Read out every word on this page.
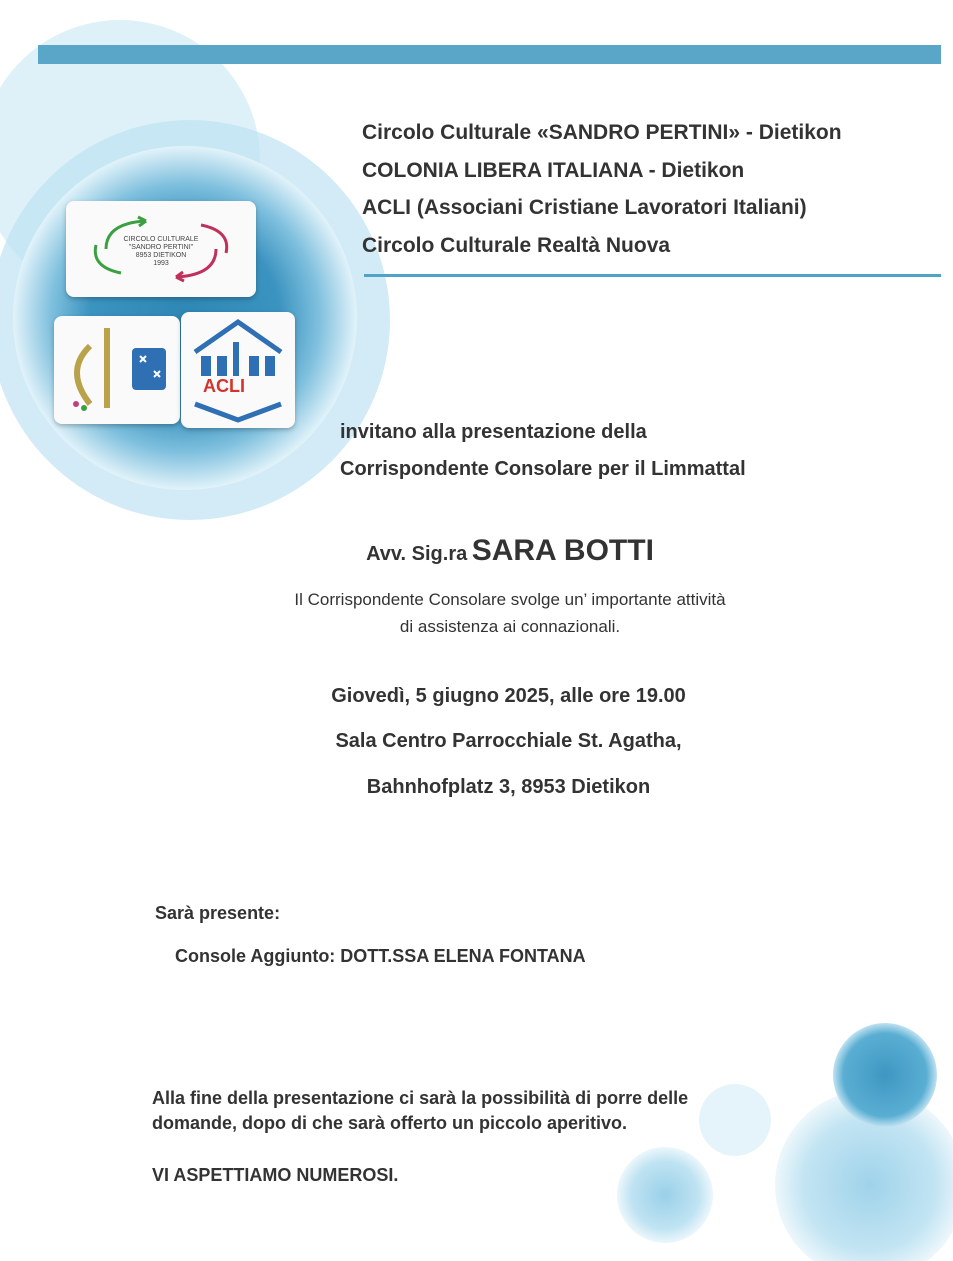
CIRCOLO CULTURALE
"SANDRO PERTINI"
8953 DIETIKON
1993
ACLI
Circolo Culturale «SANDRO PERTINI» - Dietikon
COLONIA LIBERA ITALIANA - Dietikon
ACLI (Associani Cristiane Lavoratori Italiani)
Circolo Culturale Realtà Nuova
invitano alla presentazione della
Corrispondente Consolare per il Limmattal
Avv. Sig.ra SARA BOTTI
Il Corrispondente Consolare svolge un’ importante attività
di assistenza ai connazionali.
Giovedì, 5 giugno 2025, alle ore 19.00
Sala Centro Parrocchiale St. Agatha,
Bahnhofplatz 3, 8953 Dietikon
Sarà presente:
Console Aggiunto: DOTT.SSA ELENA FONTANA
Alla fine della presentazione ci sarà la possibilità di porre delle
domande, dopo di che sarà offerto un piccolo aperitivo.
VI ASPETTIAMO NUMEROSI.
